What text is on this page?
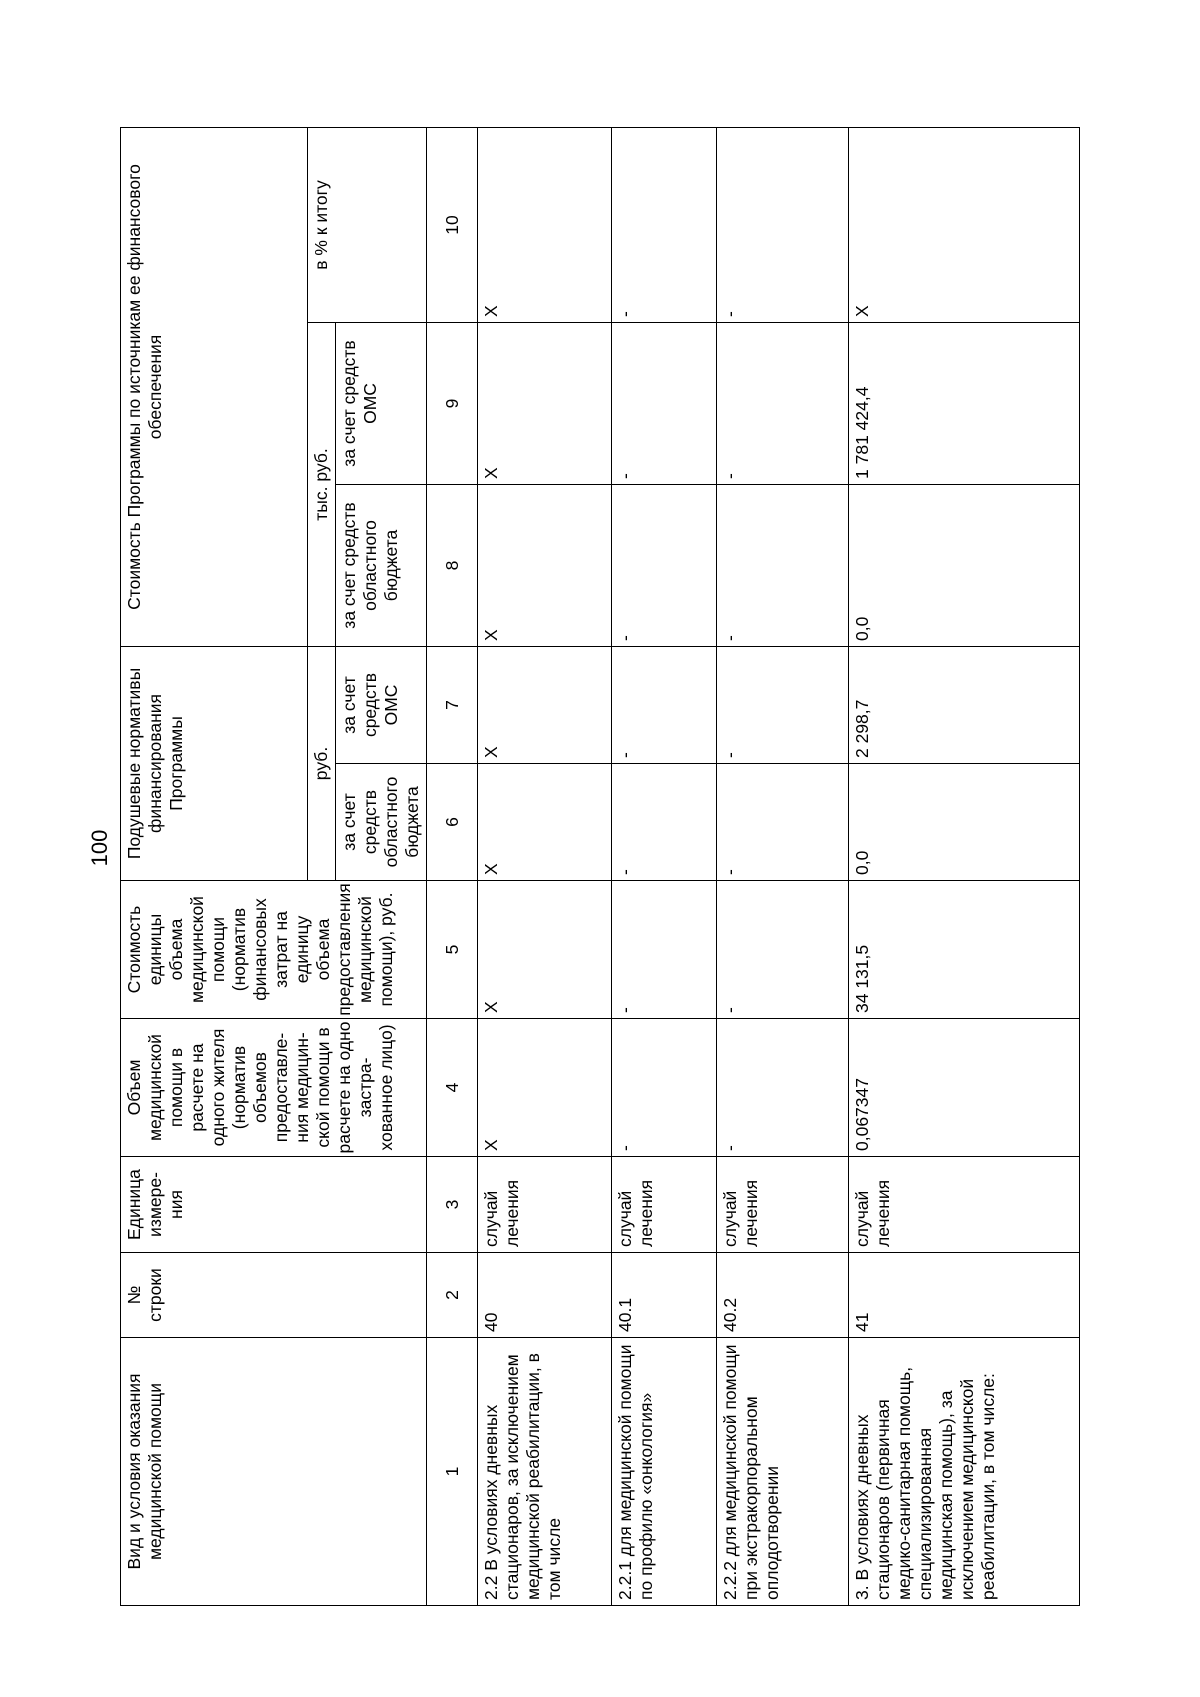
100
Вид и условия оказания медицинской помощи	№ строки	Единица измере-ния	Объем медицинской помощи в расчете на одного жителя (норматив объемов предоставле-ния медицин-ской помощи в расчете на одно застра-хованное лицо)	Стоимость единицы объема медицинской помощи (норматив финансовых затрат на единицу объема предоставления медицинской помощи), руб.	Подушевые нормативы финансирования Программы		Стоимость Программы по источникам ее финансового обеспечения		
					руб.		тыс. руб.		в % к итогу
					за счет средств областного бюджета	за счет средств ОМС	за счет средств областного бюджета	за счет средств ОМС	
1	2	3	4	5	6	7	8	9	10
2.2 В условиях дневных стационаров, за исключением медицинской реабилитации, в том числе	40	случай лечения	X	X	X	X	X	X	X
2.2.1 для медицинской помощи по профилю «онкология»	40.1	случай лечения	-	-	-	-	-	-	-
2.2.2 для медицинской помощи при экстракорпоральном оплодотворении	40.2	случай лечения	-	-	-	-	-	-	-
3. В условиях дневных стационаров (первичная медико-санитарная помощь, специализированная медицинская помощь), за исключением медицинской реабилитации, в том числе:	41	случай лечения	0,067347	34 131,5	0,0	2 298,7	0,0	1 781 424,4	X
